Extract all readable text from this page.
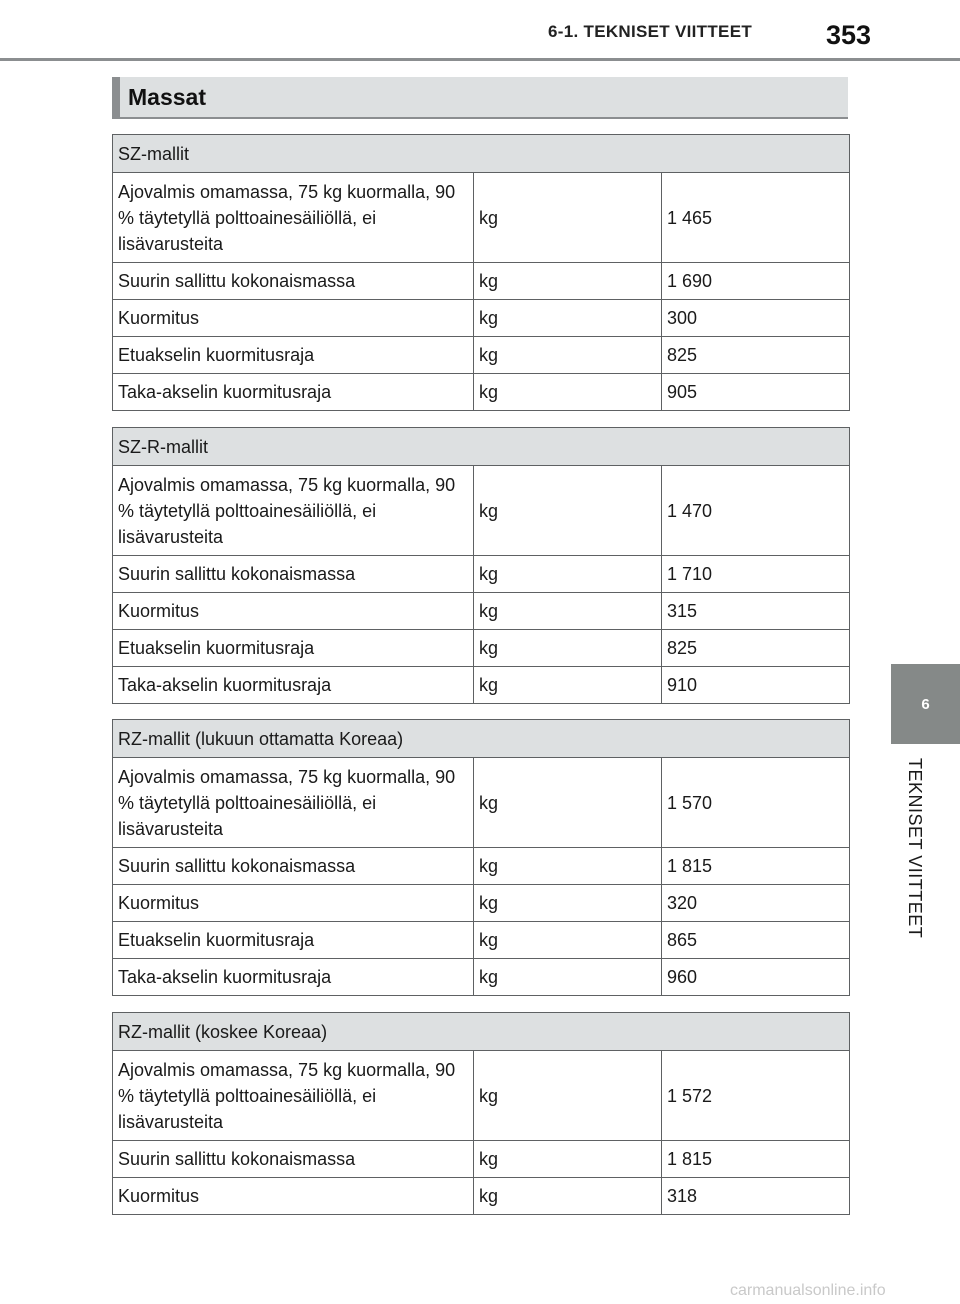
6-1. TEKNISET VIITTEET	353
Massat
SZ-mallit		
Ajovalmis omamassa, 75 kg kuormalla, 90 % täytetyllä polttoainesäiliöllä, ei lisävarusteita	kg	1 465
Suurin sallittu kokonaismassa	kg	1 690
Kuormitus	kg	300
Etuakselin kuormitusraja	kg	825
Taka-akselin kuormitusraja	kg	905
SZ-R-mallit		
Ajovalmis omamassa, 75 kg kuormalla, 90 % täytetyllä polttoainesäiliöllä, ei lisävarusteita	kg	1 470
Suurin sallittu kokonaismassa	kg	1 710
Kuormitus	kg	315
Etuakselin kuormitusraja	kg	825
Taka-akselin kuormitusraja	kg	910
RZ-mallit (lukuun ottamatta Koreaa)		
Ajovalmis omamassa, 75 kg kuormalla, 90 % täytetyllä polttoainesäiliöllä, ei lisävarusteita	kg	1 570
Suurin sallittu kokonaismassa	kg	1 815
Kuormitus	kg	320
Etuakselin kuormitusraja	kg	865
Taka-akselin kuormitusraja	kg	960
RZ-mallit (koskee Koreaa)		
Ajovalmis omamassa, 75 kg kuormalla, 90 % täytetyllä polttoainesäiliöllä, ei lisävarusteita	kg	1 572
Suurin sallittu kokonaismassa	kg	1 815
Kuormitus	kg	318
6
TEKNISET VIITTEET
carmanualsonline.info
